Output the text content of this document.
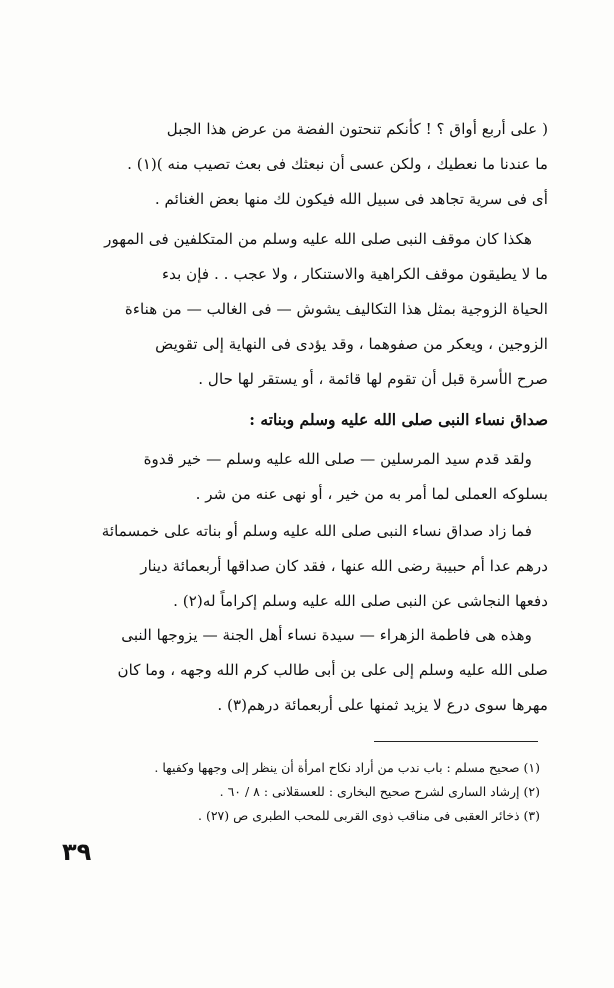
( على أربع أواق ؟ ! كأنكم تنحتون الفضة من عرض هذا الجبل
ما عندنا ما نعطيك ، ولكن عسى أن نبعثك فى بعث تصيب منه )(١) .
أى فى سرية تجاهد فى سبيل الله فيكون لك منها بعض الغنائم .
هكذا كان موقف النبى صلى الله عليه وسلم من المتكلفين فى المهور
ما لا يطيقون موقف الكراهية والاستنكار ، ولا عجب . . فإن بدء
الحياة الزوجية بمثل هذا التكاليف يشوش — فى الغالب — من هناءة
الزوجين ، ويعكر من صفوهما ، وقد يؤدى فى النهاية إلى تقويض
صرح الأسرة قبل أن تقوم لها قائمة ، أو يستقر لها حال .
صداق نساء النبى صلى الله عليه وسلم وبناته :
ولقد قدم سيد المرسلين — صلى الله عليه وسلم — خير قدوة
بسلوكه العملى لما أمر به من خير ، أو نهى عنه من شر .
فما زاد صداق نساء النبى صلى الله عليه وسلم أو بناته على خمسمائة
درهم عدا أم حبيبة رضى الله عنها ، فقد كان صداقها أربعمائة دينار
دفعها النجاشى عن النبى صلى الله عليه وسلم إكراماً له(٢) .
وهذه هى فاطمة الزهراء — سيدة نساء أهل الجنة — يزوجها النبى
صلى الله عليه وسلم إلى على بن أبى طالب كرم الله وجهه ، وما كان
مهرها سوى درع لا يزيد ثمنها على أربعمائة درهم(٣) .
(١) صحيح مسلم : باب ندب من أراد نكاح امرأة أن ينظر إلى وجهها وكفيها .
(٢) إرشاد السارى لشرح صحيح البخارى : للعسقلانى : ٨ / ٦٠ .
(٣) ذخائر العقبى فى مناقب ذوى القربى للمحب الطبرى ص (٢٧) .
٣٩
